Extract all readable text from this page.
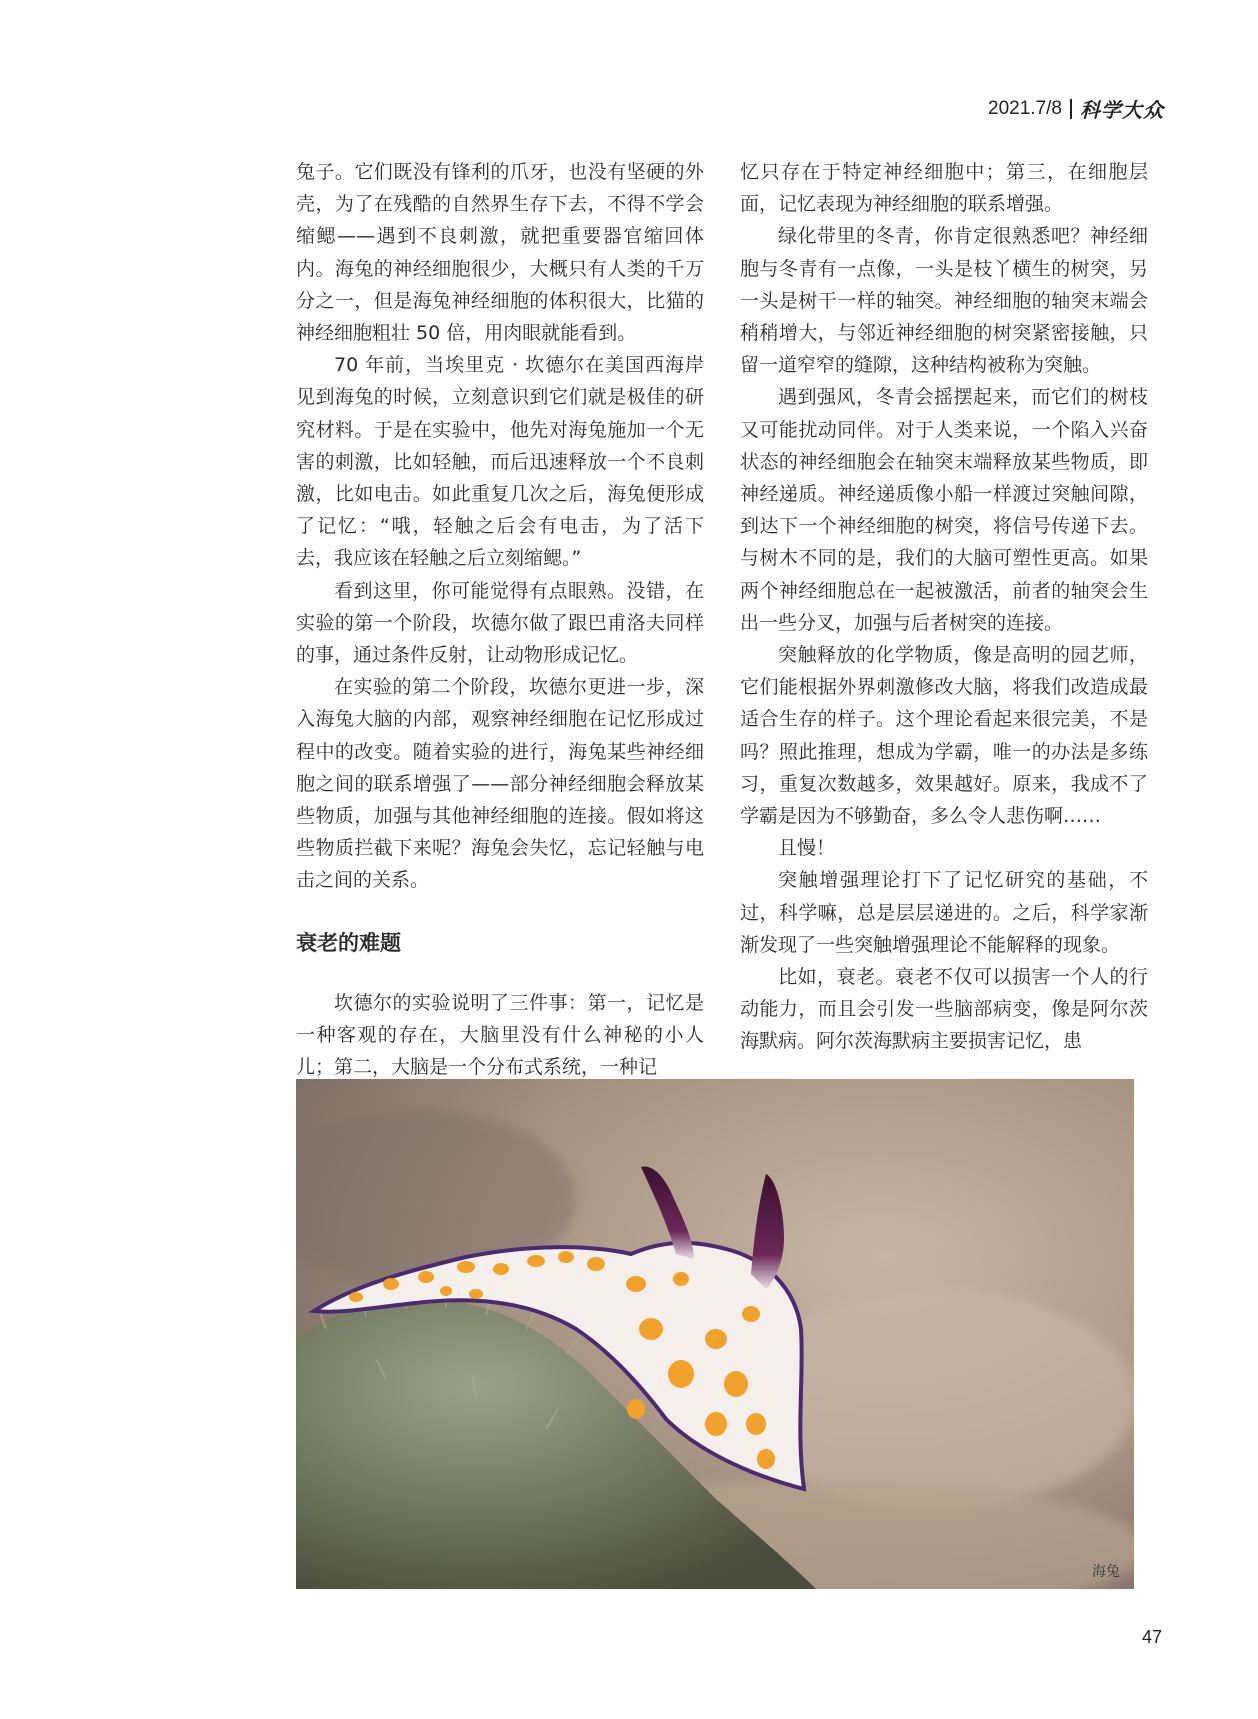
2021.7/8 科学大众

兔子。它们既没有锋利的爪牙，也没有坚硬的外壳，为了在残酷的自然界生存下去，不得不学会缩鳃——遇到不良刺激，就把重要器官缩回体内。海兔的神经细胞很少，大概只有人类的千万分之一，但是海兔神经细胞的体积很大，比猫的神经细胞粗壮 50 倍，用肉眼就能看到。

70 年前，当埃里克 · 坎德尔在美国西海岸见到海兔的时候，立刻意识到它们就是极佳的研究材料。于是在实验中，他先对海兔施加一个无害的刺激，比如轻触，而后迅速释放一个不良刺激，比如电击。如此重复几次之后，海兔便形成了记忆：“哦，轻触之后会有电击，为了活下去，我应该在轻触之后立刻缩鳃。”

看到这里，你可能觉得有点眼熟。没错，在实验的第一个阶段，坎德尔做了跟巴甫洛夫同样的事，通过条件反射，让动物形成记忆。

在实验的第二个阶段，坎德尔更进一步，深入海兔大脑的内部，观察神经细胞在记忆形成过程中的改变。随着实验的进行，海兔某些神经细胞之间的联系增强了——部分神经细胞会释放某些物质，加强与其他神经细胞的连接。假如将这些物质拦截下来呢？海兔会失忆，忘记轻触与电击之间的关系。

衰老的难题

坎德尔的实验说明了三件事：第一，记忆是一种客观的存在，大脑里没有什么神秘的小人儿；第二，大脑是一个分布式系统，一种记

忆只存在于特定神经细胞中；第三，在细胞层面，记忆表现为神经细胞的联系增强。

绿化带里的冬青，你肯定很熟悉吧？神经细胞与冬青有一点像，一头是枝丫横生的树突，另一头是树干一样的轴突。神经细胞的轴突末端会稍稍增大，与邻近神经细胞的树突紧密接触，只留一道窄窄的缝隙，这种结构被称为突触。

遇到强风，冬青会摇摆起来，而它们的树枝又可能扰动同伴。对于人类来说，一个陷入兴奋状态的神经细胞会在轴突末端释放某些物质，即神经递质。神经递质像小船一样渡过突触间隙，到达下一个神经细胞的树突，将信号传递下去。与树木不同的是，我们的大脑可塑性更高。如果两个神经细胞总在一起被激活，前者的轴突会生出一些分叉，加强与后者树突的连接。

突触释放的化学物质，像是高明的园艺师，它们能根据外界刺激修改大脑，将我们改造成最适合生存的样子。这个理论看起来很完美，不是吗？照此推理，想成为学霸，唯一的办法是多练习，重复次数越多，效果越好。原来，我成不了学霸是因为不够勤奋，多么令人悲伤啊……

且慢！

突触增强理论打下了记忆研究的基础，不过，科学嘛，总是层层递进的。之后，科学家渐渐发现了一些突触增强理论不能解释的现象。

比如，衰老。衰老不仅可以损害一个人的行动能力，而且会引发一些脑部病变，像是阿尔茨海默病。阿尔茨海默病主要损害记忆，患

海兔
47
